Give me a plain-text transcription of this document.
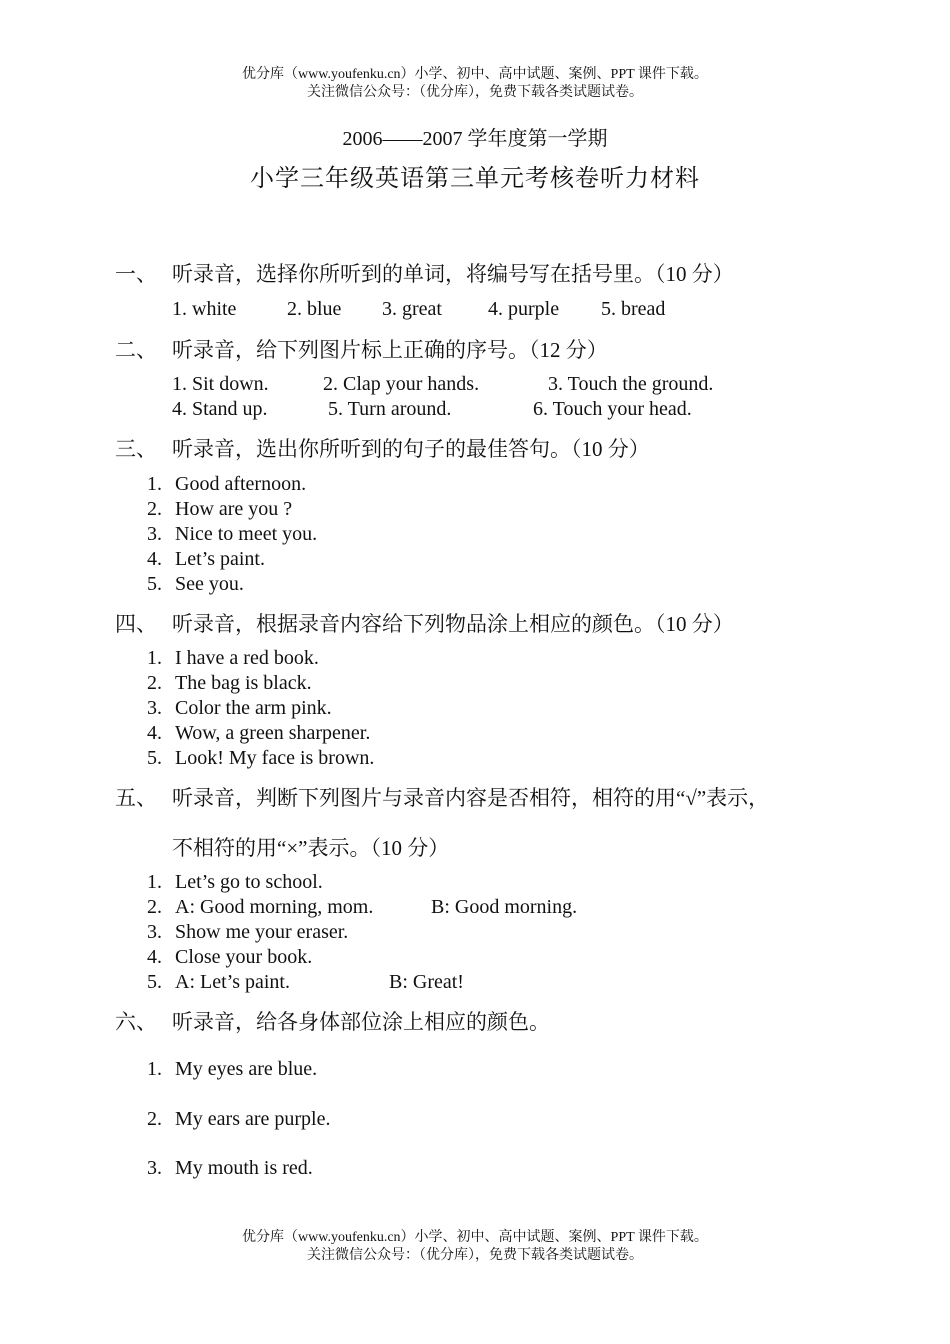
优分库（www.youfenku.cn）小学、初中、高中试题、案例、PPT 课件下载。
关注微信公众号：（优分库），免费下载各类试题试卷。
2006——2007 学年度第一学期
小学三年级英语第三单元考核卷听力材料
一、 听录音，选择你所听到的单词，将编号写在括号里。（10 分）
1. white	2. blue 3. great 4. purple 5. bread
二、 听录音，给下列图片标上正确的序号。（12 分）
1. Sit down.	2. Clap your hands.	3. Touch the ground.
4. Stand up.	5. Turn around.	6. Touch your head.
三、 听录音，选出你所听到的句子的最佳答句。（10 分）
1. Good afternoon.
2. How are you ?
3. Nice to meet you.
4. Let’s paint.
5. See you.
四、 听录音，根据录音内容给下列物品涂上相应的颜色。（10 分）
1. I have a red book.
2. The bag is black.
3. Color the arm pink.
4. Wow, a green sharpener.
5. Look! My face is brown.
五、 听录音，判断下列图片与录音内容是否相符，相符的用“√”表示，
不相符的用“×”表示。（10 分）
1. Let’s go to school.
2. A: Good morning, mom.	B: Good morning.
3. Show me your eraser.
4. Close your book.
5. A: Let’s paint.	B: Great!
六、 听录音，给各身体部位涂上相应的颜色。
1. My eyes are blue.
2. My ears are purple.
3. My mouth is red.
优分库（www.youfenku.cn）小学、初中、高中试题、案例、PPT 课件下载。
关注微信公众号：（优分库），免费下载各类试题试卷。
